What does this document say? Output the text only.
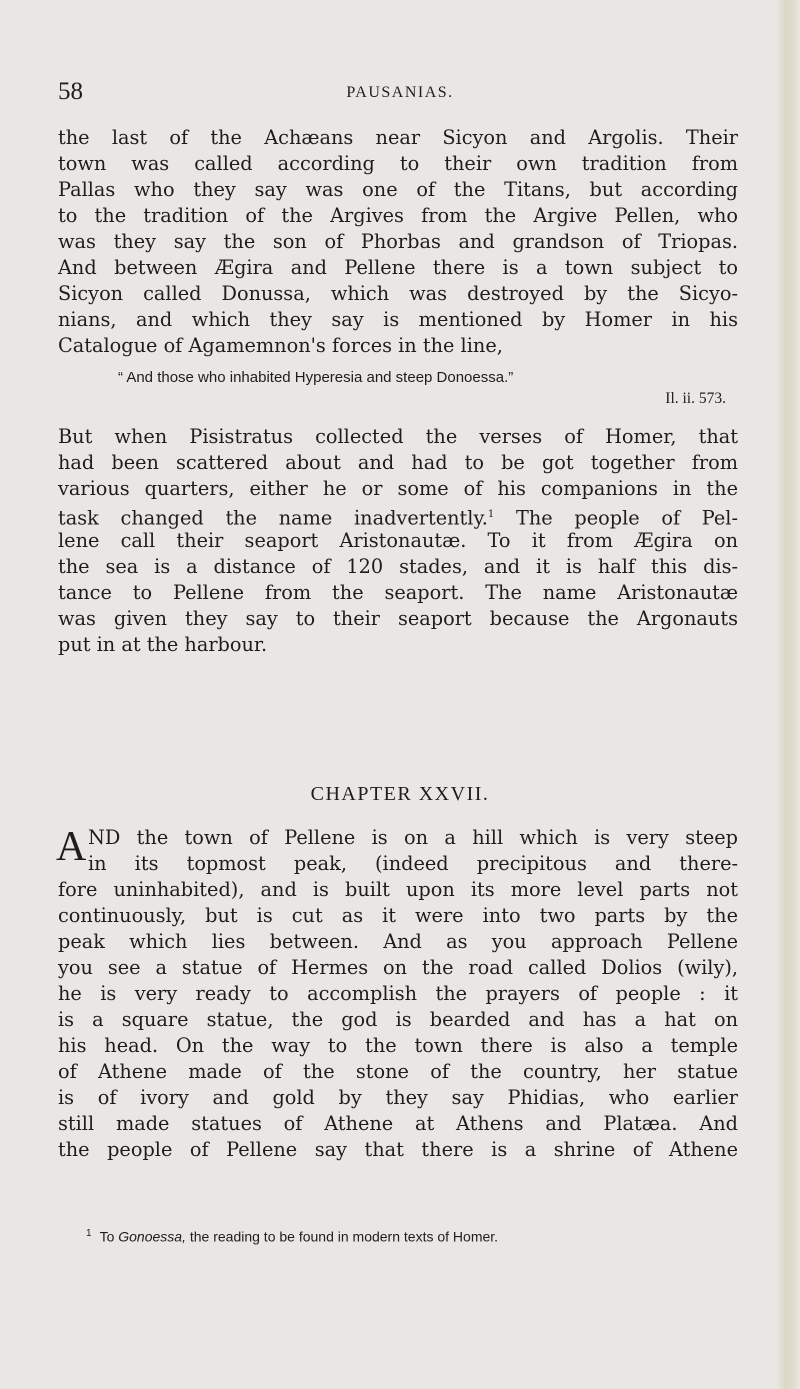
58	PAUSANIAS.
the last of the Achæans near Sicyon and Argolis. Their
town was called according to their own tradition from
Pallas who they say was one of the Titans, but according
to the tradition of the Argives from the Argive Pellen, who
was they say the son of Phorbas and grandson of Triopas.
And between Ægira and Pellene there is a town subject to
Sicyon called Donussa, which was destroyed by the Sicyo-
nians, and which they say is mentioned by Homer in his
Catalogue of Agamemnon's forces in the line,
“ And those who inhabited Hyperesia and steep Donoessa.”
Il. ii. 573.
But when Pisistratus collected the verses of Homer, that
had been scattered about and had to be got together from
various quarters, either he or some of his companions in the
task changed the name inadvertently.$^1$ The people of Pel-
lene call their seaport Aristonautæ. To it from Ægira on
the sea is a distance of 120 stades, and it is half this dis-
tance to Pellene from the seaport. The name Aristonautæ
was given they say to their seaport because the Argonauts
put in at the harbour.
CHAPTER XXVII.
A ND the town of Pellene is on a hill which is very steep
in its topmost peak, (indeed precipitous and there-
fore uninhabited), and is built upon its more level parts not
continuously, but is cut as it were into two parts by the
peak which lies between. And as you approach Pellene
you see a statue of Hermes on the road called Dolios (wily),
he is very ready to accomplish the prayers of people : it
is a square statue, the god is bearded and has a hat on
his head. On the way to the town there is also a temple
of Athene made of the stone of the country, her statue
is of ivory and gold by they say Phidias, who earlier
still made statues of Athene at Athens and Platæa. And
the people of Pellene say that there is a shrine of Athene
$^1$ To Gonoessa, the reading to be found in modern texts of Homer.
